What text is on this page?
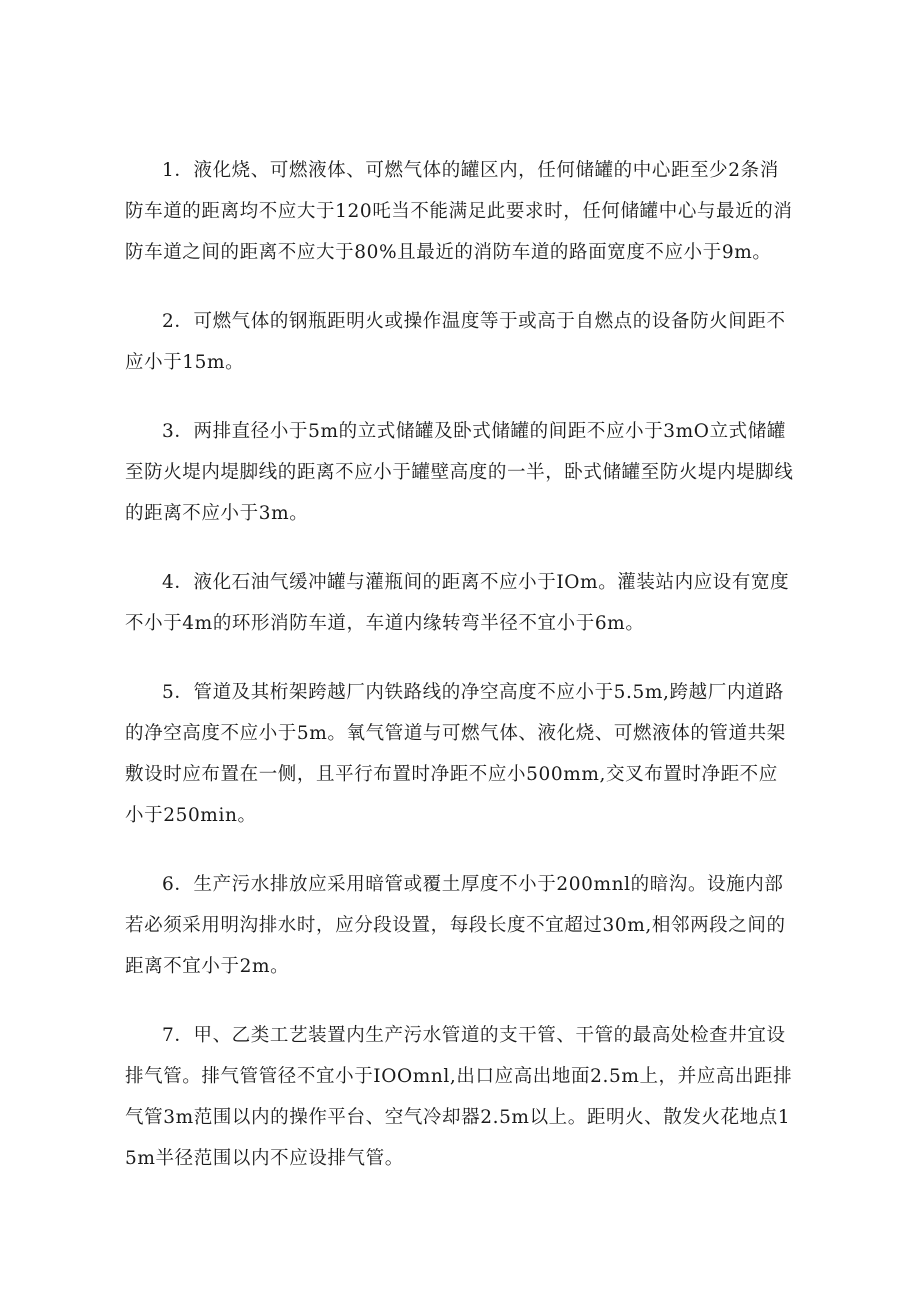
1．液化烧、可燃液体、可燃气体的罐区内，任何储罐的中心距至少2条消防车道的距离均不应大于120吒当不能满足此要求时，任何储罐中心与最近的消防车道之间的距离不应大于80%且最近的消防车道的路面宽度不应小于9m。

2．可燃气体的钢瓶距明火或操作温度等于或高于自燃点的设备防火间距不应小于15m。

3．两排直径小于5m的立式储罐及卧式储罐的间距不应小于3mO立式储罐至防火堤内堤脚线的距离不应小于罐壁高度的一半，卧式储罐至防火堤内堤脚线的距离不应小于3m。

4．液化石油气缓冲罐与灌瓶间的距离不应小于IOm。灌装站内应设有宽度不小于4m的环形消防车道，车道内缘转弯半径不宜小于6m。

5．管道及其桁架跨越厂内铁路线的净空高度不应小于5.5m,跨越厂内道路的净空高度不应小于5m。氧气管道与可燃气体、液化烧、可燃液体的管道共架敷设时应布置在一侧，且平行布置时净距不应小500mm,交叉布置时净距不应小于250min。

6．生产污水排放应采用暗管或覆土厚度不小于200mnl的暗沟。设施内部若必须采用明沟排水时，应分段设置，每段长度不宜超过30m,相邻两段之间的距离不宜小于2m。

7．甲、乙类工艺装置内生产污水管道的支干管、干管的最高处检查井宜设排气管。排气管管径不宜小于IOOmnl,出口应高出地面2.5m上，并应高出距排气管3m范围以内的操作平台、空气冷却器2.5m以上。距明火、散发火花地点15m半径范围以内不应设排气管。
